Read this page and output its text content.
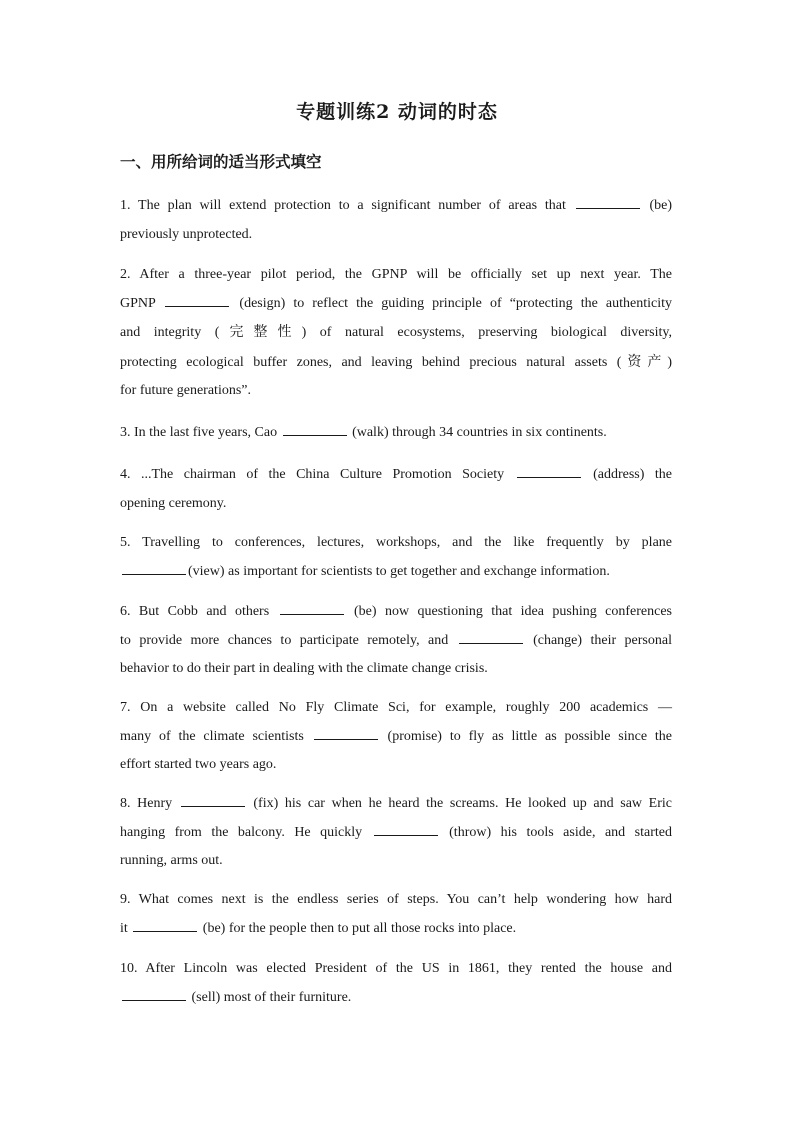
专题训练2 动词的时态
一、用所给词的适当形式填空
1. The plan will extend protection to a significant number of areas that	(be)
previously unprotected.
2. After a three-year pilot period, the GPNP will be officially set up next year. The
GPNP	(design) to reflect the guiding principle of “protecting the authenticity
and integrity (完整性) of natural ecosystems, preserving biological diversity,
protecting ecological buffer zones, and leaving behind precious natural assets (资产)
for future generations”.
3. In the last five years, Cao	(walk) through 34 countries in six continents.
4. ...The chairman of the China Culture Promotion Society	(address) the
opening ceremony.
5. Travelling to conferences, lectures, workshops, and the like frequently by plane
(view) as important for scientists to get together and exchange information.
6. But Cobb and others	(be) now questioning that idea pushing conferences
to provide more chances to participate remotely, and	(change) their personal
behavior to do their part in dealing with the climate change crisis.
7. On a website called No Fly Climate Sci, for example, roughly 200 academics —
many of the climate scientists	(promise) to fly as little as possible since the
effort started two years ago.
8. Henry	(fix) his car when he heard the screams. He looked up and saw Eric
hanging from the balcony. He quickly	(throw) his tools aside, and started
running, arms out.
9. What comes next is the endless series of steps. You can’t help wondering how hard
it	(be) for the people then to put all those rocks into place.
10. After Lincoln was elected President of the US in 1861, they rented the house and
(sell) most of their furniture.
